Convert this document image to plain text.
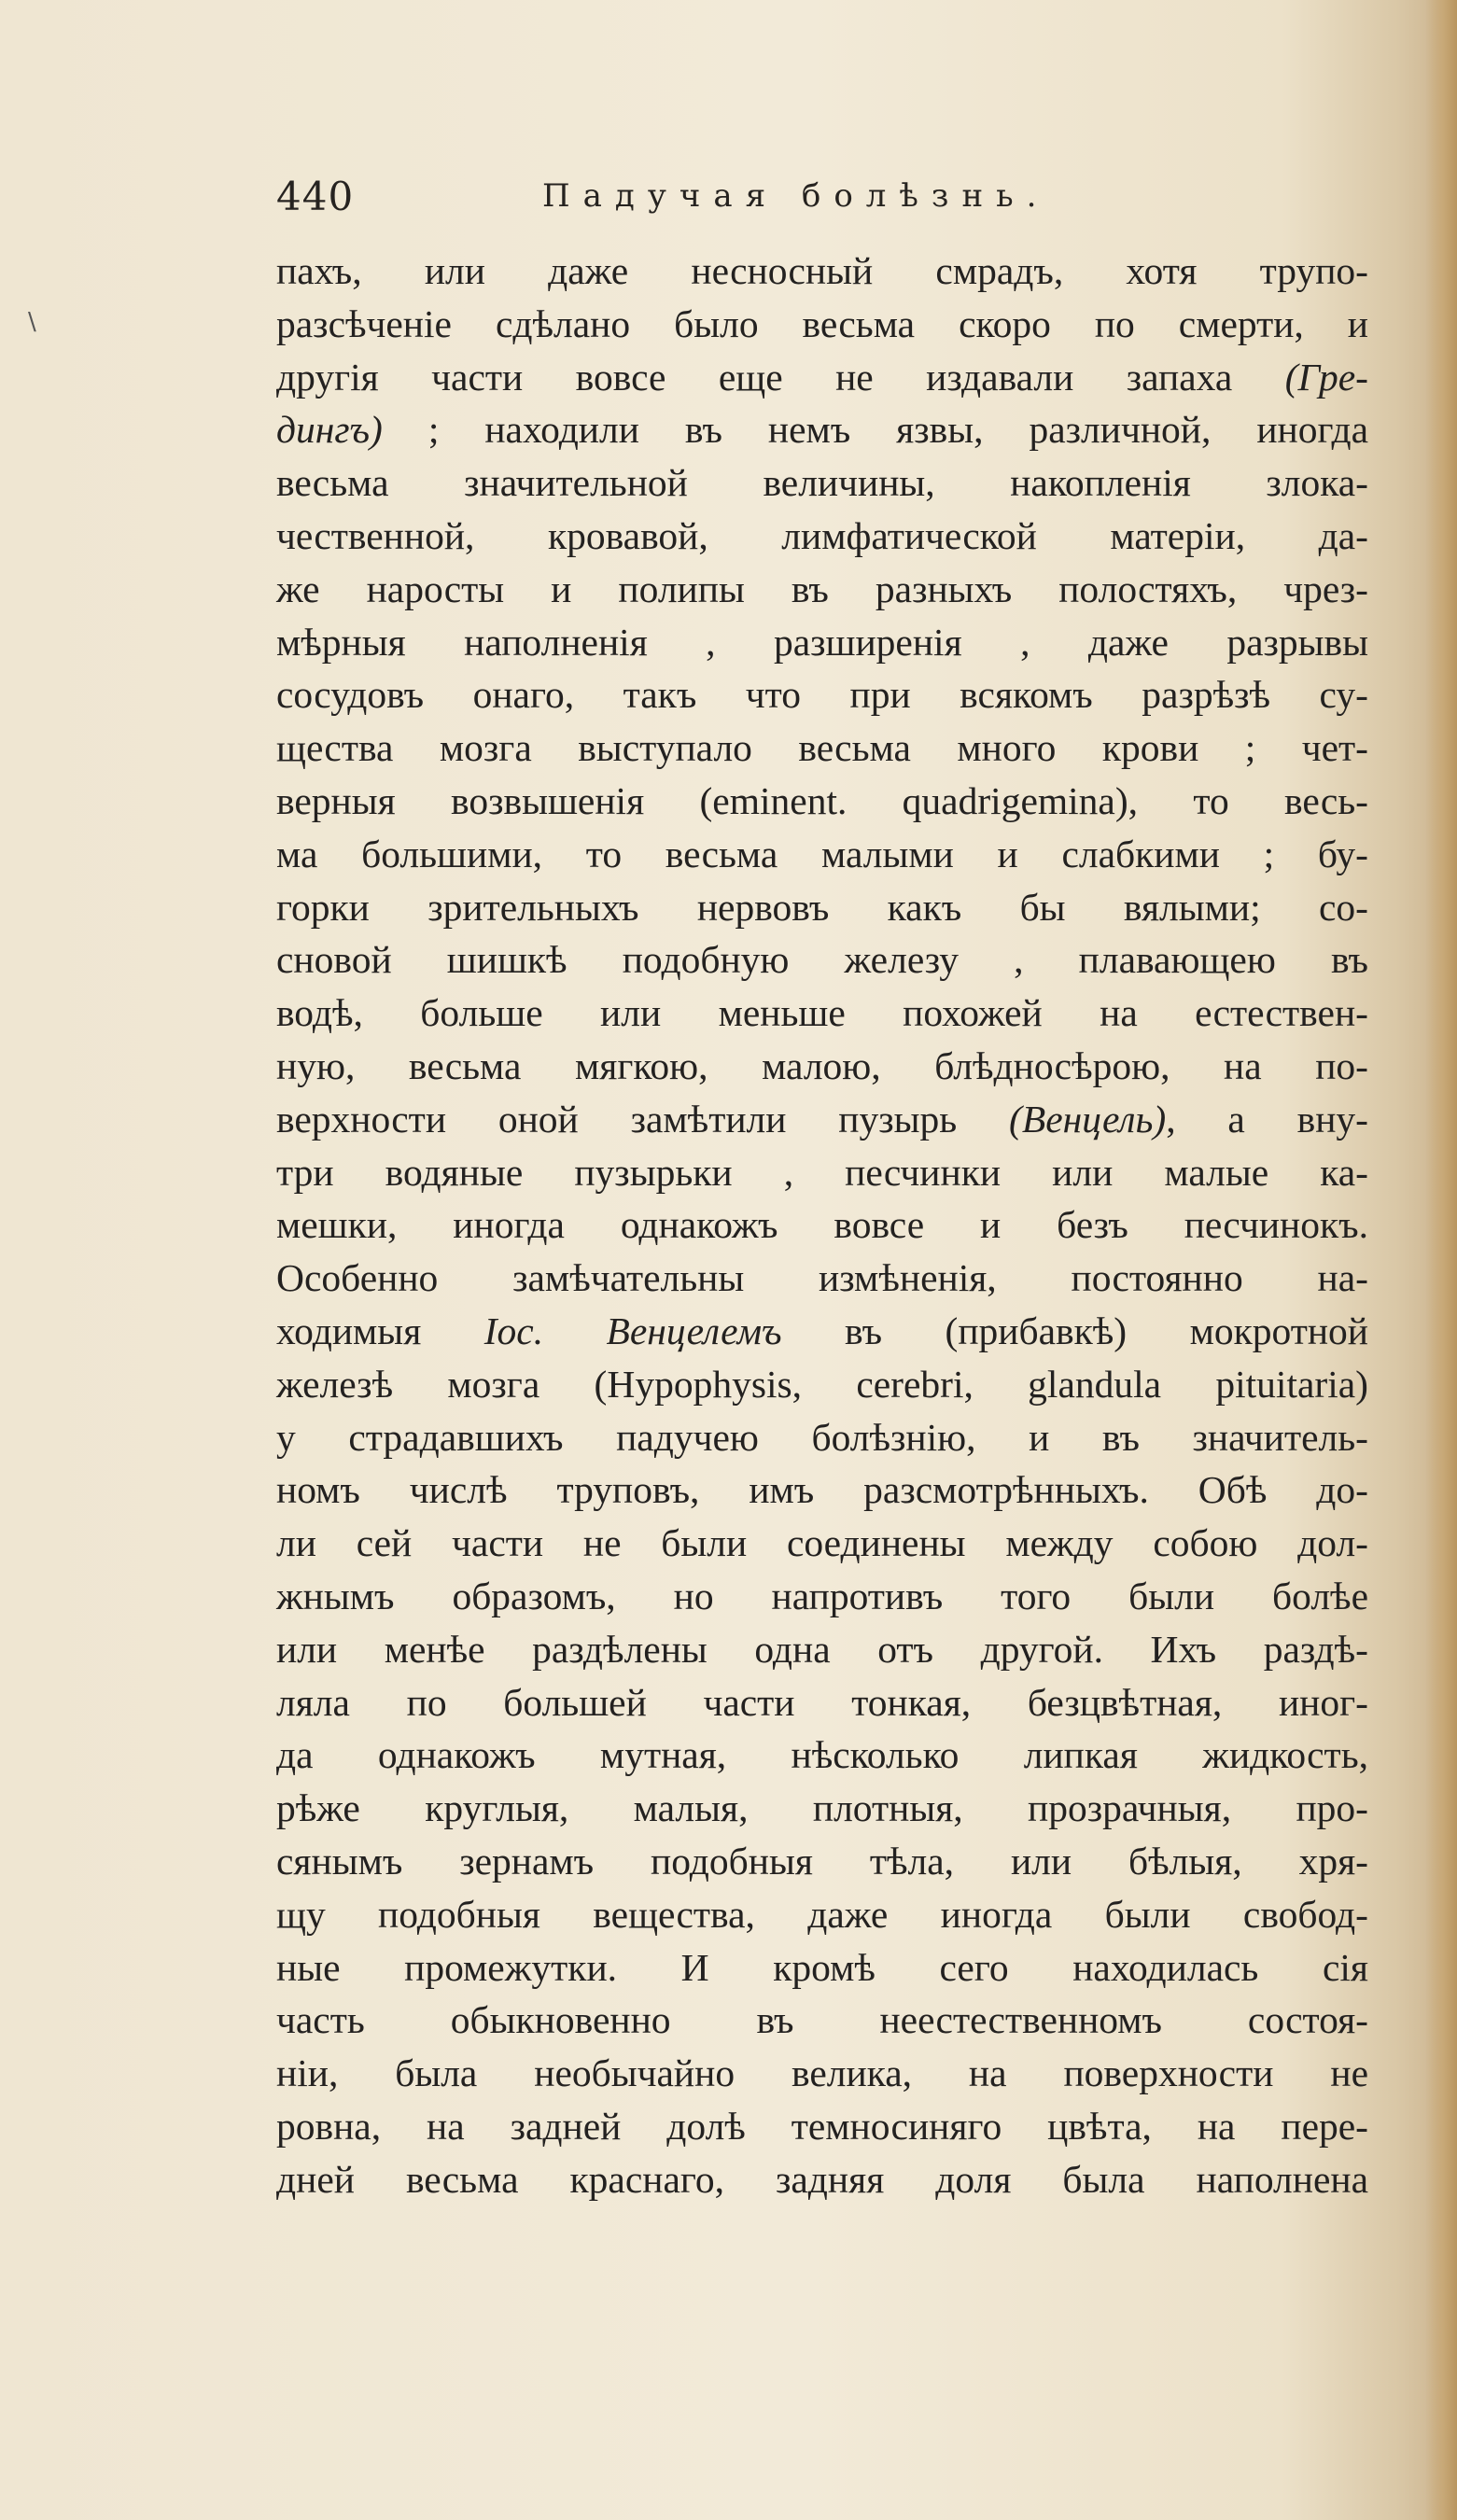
\
440	Падучая болѣзнь.
пахъ, или даже несносный смрадъ, хотя трупо-
разсѣченіе сдѣлано было весьма скоро по смерти, и
другія части вовсе еще не издавали запаха (Гре-
дингъ) ; находили въ немъ язвы, различной, иногда
весьма значительной величины, накопленія злока-
чественной, кровавой, лимфатической матеріи, да-
же наросты и полипы въ разныхъ полостяхъ, чрез-
мѣрныя наполненія , разширенія , даже разрывы
сосудовъ онаго, такъ что при всякомъ разрѣзѣ су-
щества мозга выступало весьма много крови ; чет-
верныя возвышенія (eminent. quadrigemina), то весь-
ма большими, то весьма малыми и слабкими ; бу-
горки зрительныхъ нервовъ какъ бы вялыми; со-
сновой шишкѣ подобную железу , плавающею въ
водѣ, больше или меньше похожей на естествен-
ную, весьма мягкою, малою, блѣдносѣрою, на по-
верхности оной замѣтили пузырь (Венцель), а вну-
три водяные пузырьки , песчинки или малые ка-
мешки, иногда однакожъ вовсе и безъ песчинокъ.
Особенно замѣчательны измѣненія, постоянно на-
ходимыя Іос. Венцелемъ въ (прибавкѣ) мокротной
железѣ мозга (Hypophysis, cerebri, glandula pituitaria)
у страдавшихъ падучею болѣзнію, и въ значитель-
номъ числѣ труповъ, имъ разсмотрѣнныхъ. Обѣ до-
ли сей части не были соединены между собою дол-
жнымъ образомъ, но напротивъ того были болѣе
или менѣе раздѣлены одна отъ другой. Ихъ раздѣ-
ляла по большей части тонкая, безцвѣтная, иног-
да однакожъ мутная, нѣсколько липкая жидкость,
рѣже круглыя, малыя, плотныя, прозрачныя, про-
сянымъ зернамъ подобныя тѣла, или бѣлыя, хря-
щу подобныя вещества, даже иногда были свобод-
ные промежутки. И кромѣ сего находилась сія
часть обыкновенно въ неестественномъ состоя-
ніи, была необычайно велика, на поверхности не
ровна, на задней долѣ темносиняго цвѣта, на пере-
дней весьма краснаго, задняя доля была наполнена
